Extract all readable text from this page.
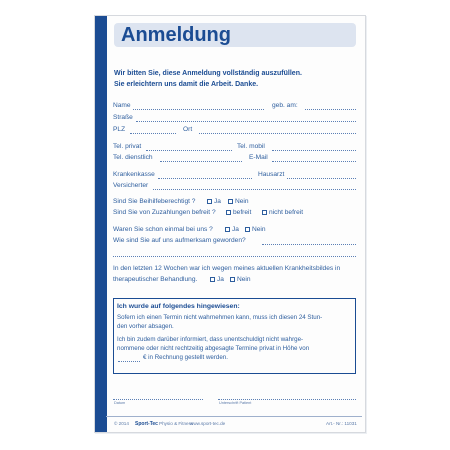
Anmeldung
Wir bitten Sie, diese Anmeldung vollständig auszufüllen.
Sie erleichtern uns damit die Arbeit. Danke.
Name	geb. am:
Straße
PLZ	Ort
Tel. privat	Tel. mobil
Tel. dienstlich	E-Mail
Krankenkasse	Hausarzt
Versicherter
Sind Sie Beihilfeberechtigt ?	Ja Nein
Sind Sie von Zuzahlungen befreit ?	befreit	nicht befreit
Waren Sie schon einmal bei uns ?	Ja Nein
Wie sind Sie auf uns aufmerksam geworden?
In den letzten 12 Wochen war ich wegen meines aktuellen Krankheitsbildes in
therapeutischer Behandlung.	Ja Nein
Ich wurde auf folgendes hingewiesen:
Sofern ich einen Termin nicht wahrnehmen kann, muss ich diesen 24 Stun-
den vorher absagen.
Ich bin zudem darüber informiert, dass unentschuldigt nicht wahrge-
nommene oder nicht rechtzeitig abgesagte Termine privat in Höhe von
€ in Rechnung gestellt werden.
Datum	Unterschrift Patient
© 2014 Sport-Tec Physio & Fitness
www.sport-tec.de	Art.- Nr.: 11031
